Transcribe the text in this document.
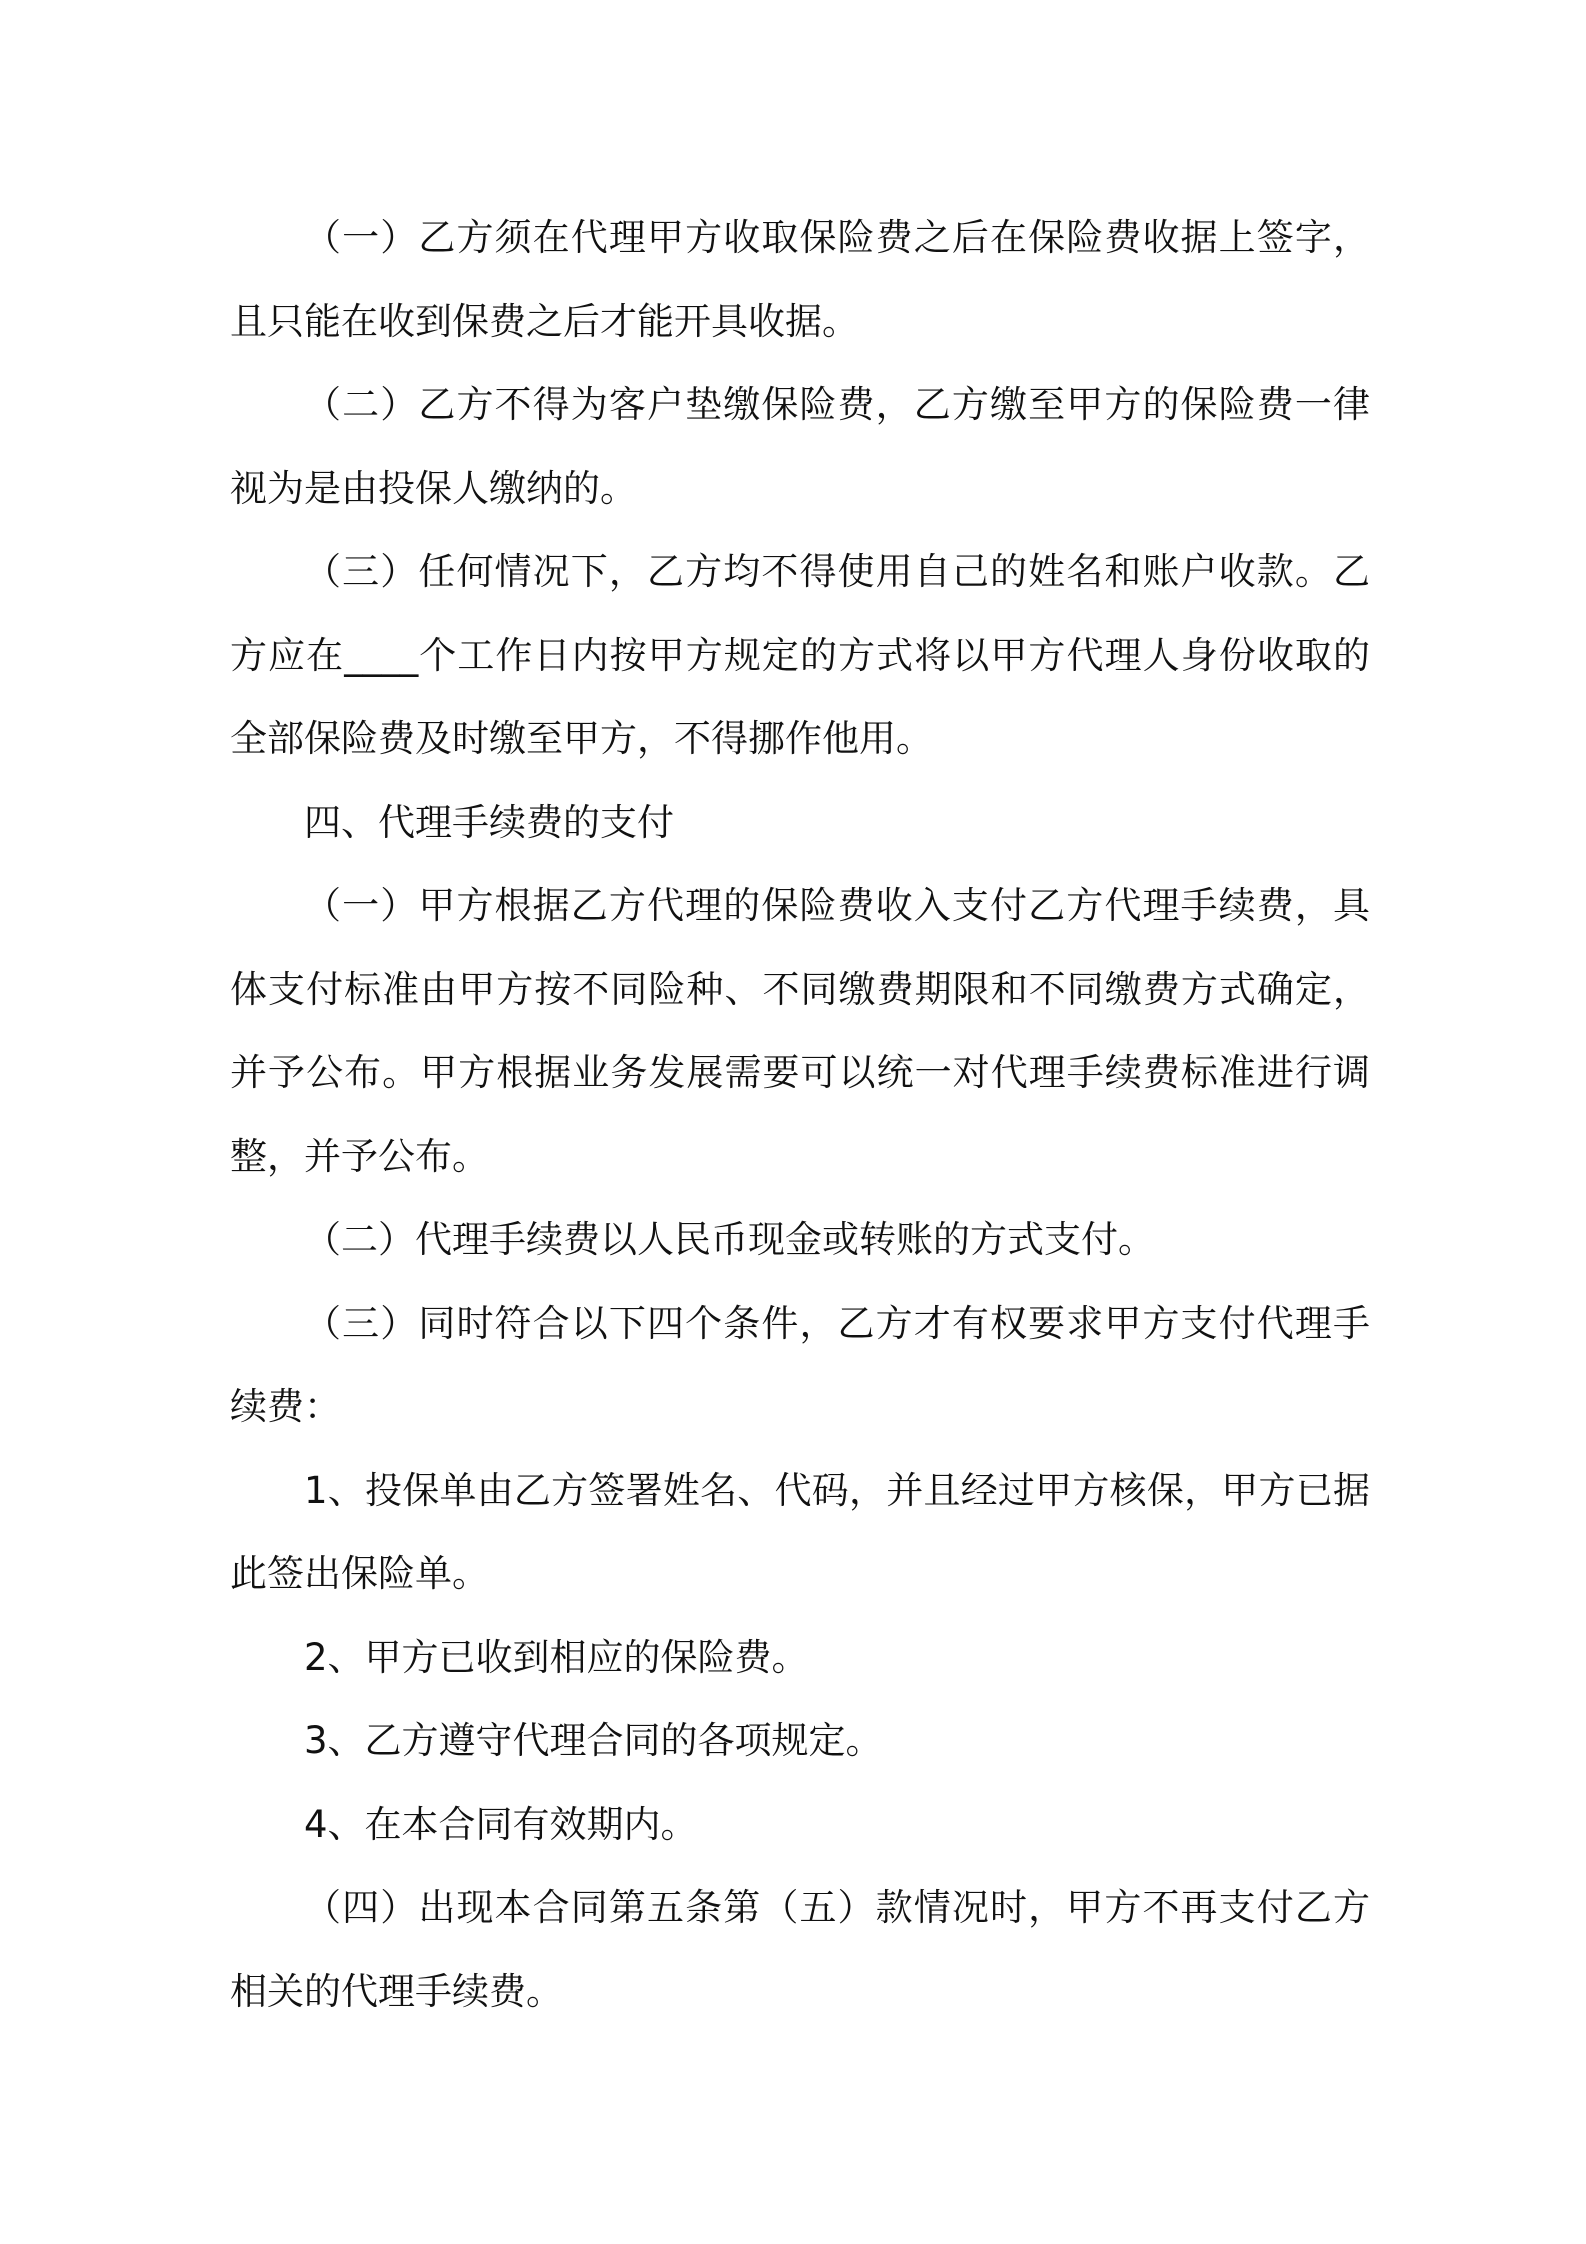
（一）乙方须在代理甲方收取保险费之后在保险费收据上签字，且只能在收到保费之后才能开具收据。

（二）乙方不得为客户垫缴保险费，乙方缴至甲方的保险费一律视为是由投保人缴纳的。

（三）任何情况下，乙方均不得使用自己的姓名和账户收款。乙方应在____个工作日内按甲方规定的方式将以甲方代理人身份收取的全部保险费及时缴至甲方，不得挪作他用。

四、代理手续费的支付

（一）甲方根据乙方代理的保险费收入支付乙方代理手续费，具体支付标准由甲方按不同险种、不同缴费期限和不同缴费方式确定，并予公布。甲方根据业务发展需要可以统一对代理手续费标准进行调整，并予公布。

（二）代理手续费以人民币现金或转账的方式支付。

（三）同时符合以下四个条件，乙方才有权要求甲方支付代理手续费：

1、投保单由乙方签署姓名、代码，并且经过甲方核保，甲方已据此签出保险单。

2、甲方已收到相应的保险费。

3、乙方遵守代理合同的各项规定。

4、在本合同有效期内。

（四）出现本合同第五条第（五）款情况时，甲方不再支付乙方相关的代理手续费。
